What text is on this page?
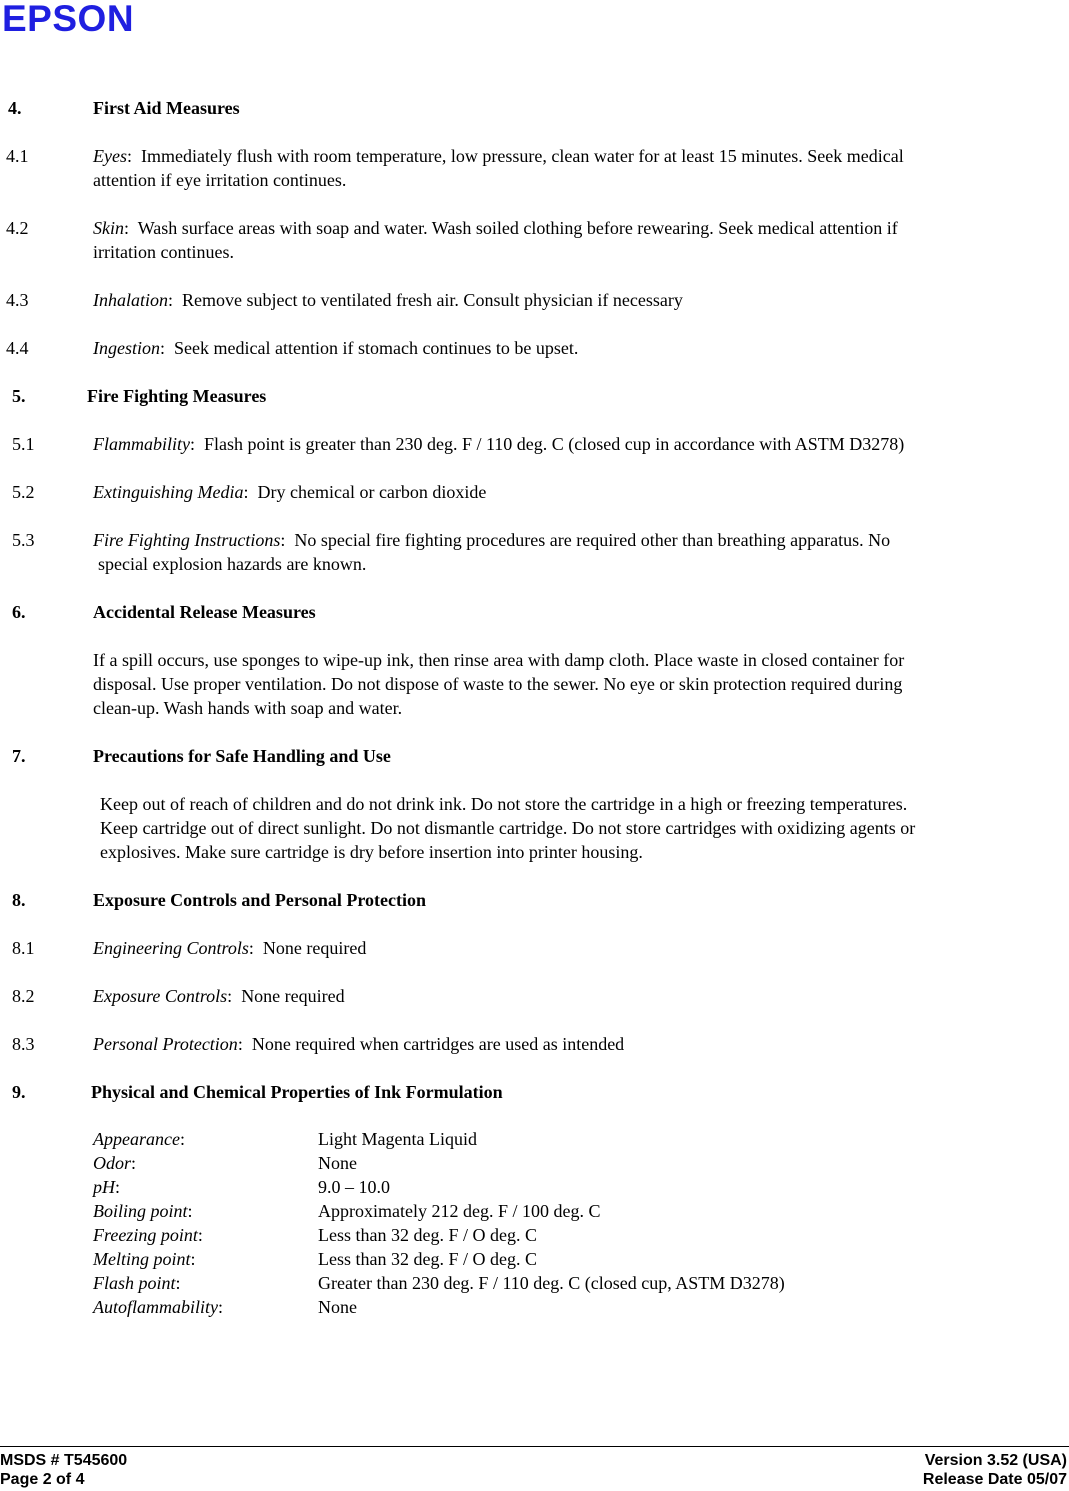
EPSON
4.	First Aid Measures
4.1	Eyes: Immediately flush with room temperature, low pressure, clean water for at least 15 minutes. Seek medical
attention if eye irritation continues.
4.2	Skin: Wash surface areas with soap and water. Wash soiled clothing before rewearing. Seek medical attention if
irritation continues.
4.3	Inhalation: Remove subject to ventilated fresh air. Consult physician if necessary
4.4	Ingestion: Seek medical attention if stomach continues to be upset.
5.	Fire Fighting Measures
5.1	Flammability: Flash point is greater than 230 deg. F / 110 deg. C (closed cup in accordance with ASTM D3278)
5.2	Extinguishing Media: Dry chemical or carbon dioxide
5.3	Fire Fighting Instructions: No special fire fighting procedures are required other than breathing apparatus. No
special explosion hazards are known.
6.	Accidental Release Measures
If a spill occurs, use sponges to wipe-up ink, then rinse area with damp cloth. Place waste in closed container for
disposal. Use proper ventilation. Do not dispose of waste to the sewer. No eye or skin protection required during
clean-up. Wash hands with soap and water.
7.	Precautions for Safe Handling and Use
Keep out of reach of children and do not drink ink. Do not store the cartridge in a high or freezing temperatures.
Keep cartridge out of direct sunlight. Do not dismantle cartridge. Do not store cartridges with oxidizing agents or
explosives. Make sure cartridge is dry before insertion into printer housing.
8.	Exposure Controls and Personal Protection
8.1	Engineering Controls: None required
8.2	Exposure Controls: None required
8.3	Personal Protection: None required when cartridges are used as intended
9.	Physical and Chemical Properties of Ink Formulation
Appearance:	Light Magenta Liquid
Odor:	None
pH:	9.0 – 10.0
Boiling point:	Approximately 212 deg. F / 100 deg. C
Freezing point:	Less than 32 deg. F / O deg. C
Melting point:	Less than 32 deg. F / O deg. C
Flash point:	Greater than 230 deg. F / 110 deg. C (closed cup, ASTM D3278)
Autoflammability:	None
MSDS # T545600
Page 2 of 4
Version 3.52 (USA)
Release Date 05/07
